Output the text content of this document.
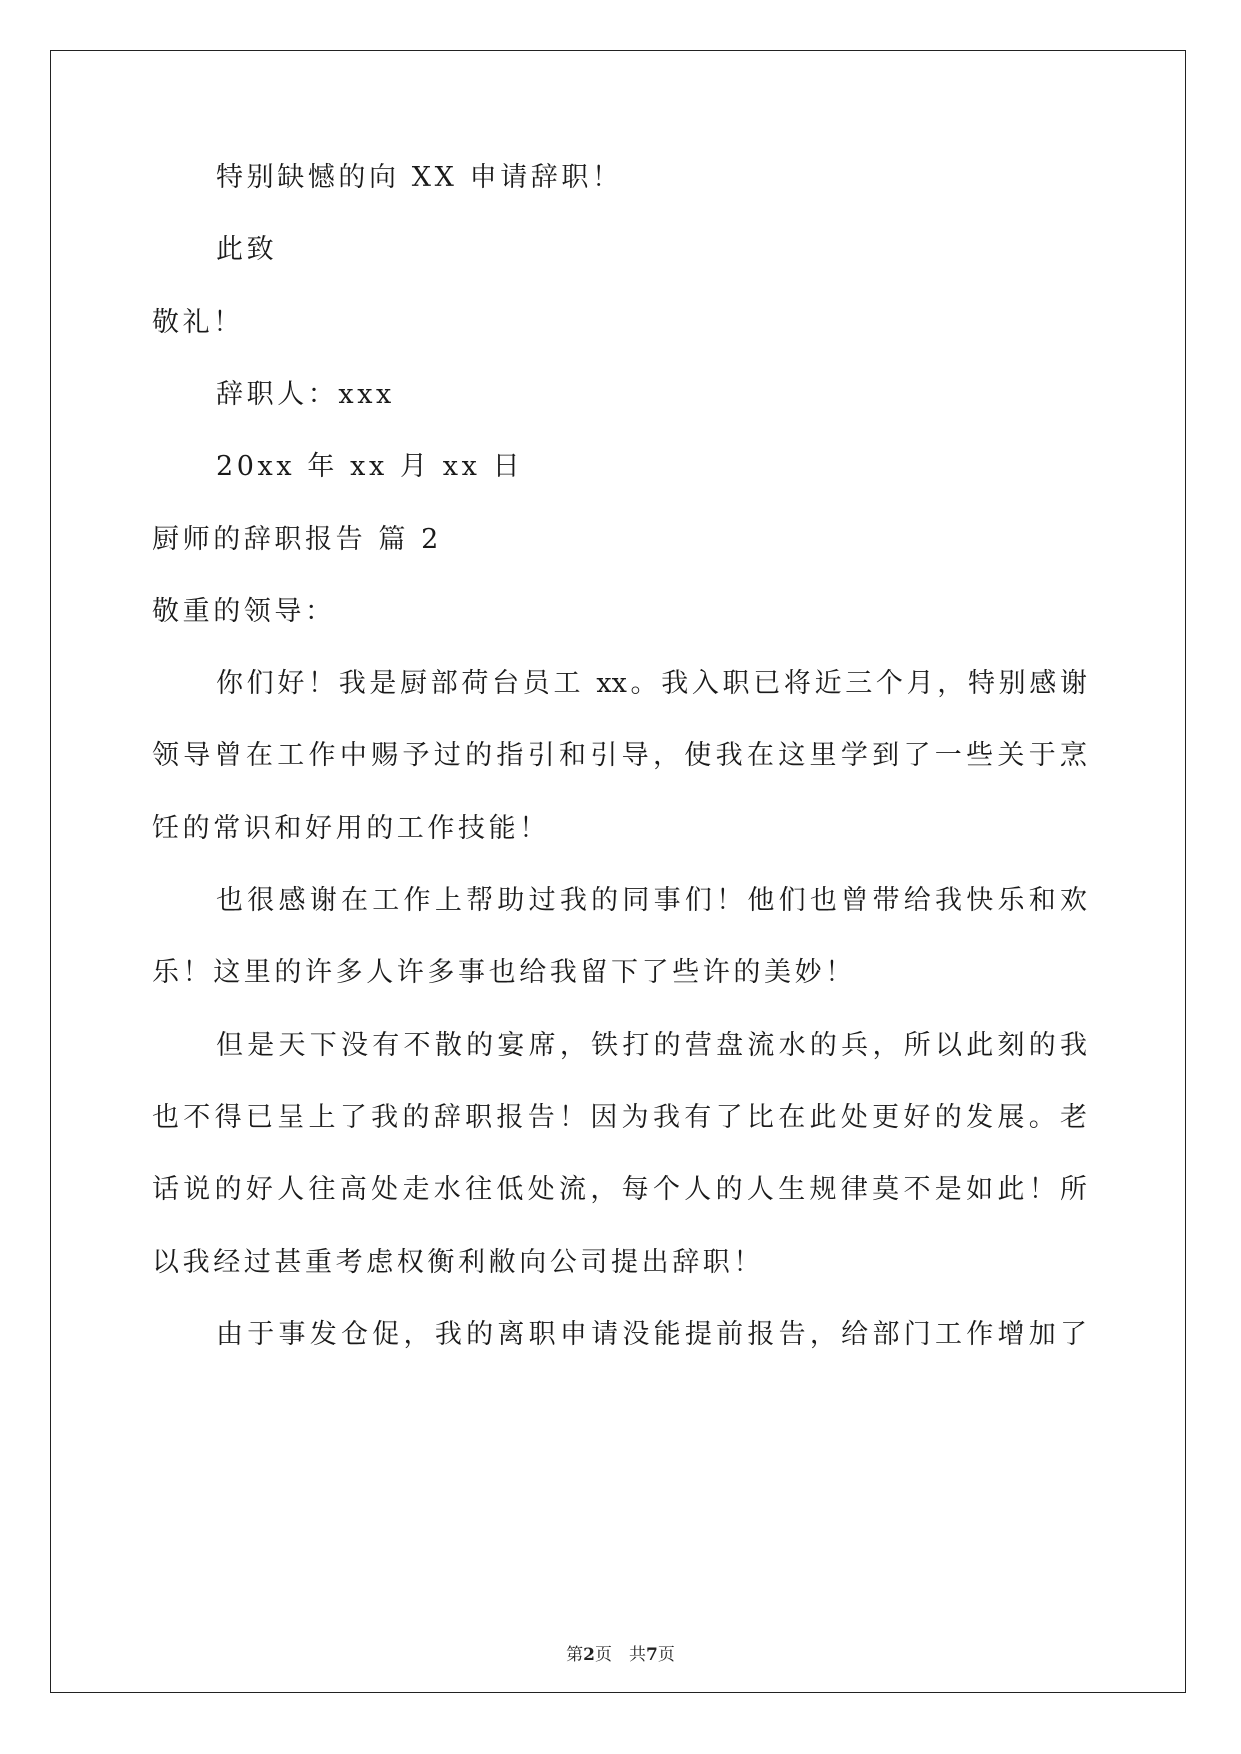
特别缺憾的向 XX 申请辞职！
此致
敬礼！
辞职人：xxx
20xx 年 xx 月 xx 日
厨师的辞职报告 篇 2
敬重的领导：
你们好！我是厨部荷台员工 xx。我入职已将近三个月，特别感谢
领导曾在工作中赐予过的指引和引导，使我在这里学到了一些关于烹
饪的常识和好用的工作技能！
也很感谢在工作上帮助过我的同事们！他们也曾带给我快乐和欢
乐！这里的许多人许多事也给我留下了些许的美妙！
但是天下没有不散的宴席，铁打的营盘流水的兵，所以此刻的我
也不得已呈上了我的辞职报告！因为我有了比在此处更好的发展。老
话说的好人往高处走水往低处流，每个人的人生规律莫不是如此！所
以我经过甚重考虑权衡利敝向公司提出辞职！
由于事发仓促，我的离职申请没能提前报告，给部门工作增加了
第2页　共7页
